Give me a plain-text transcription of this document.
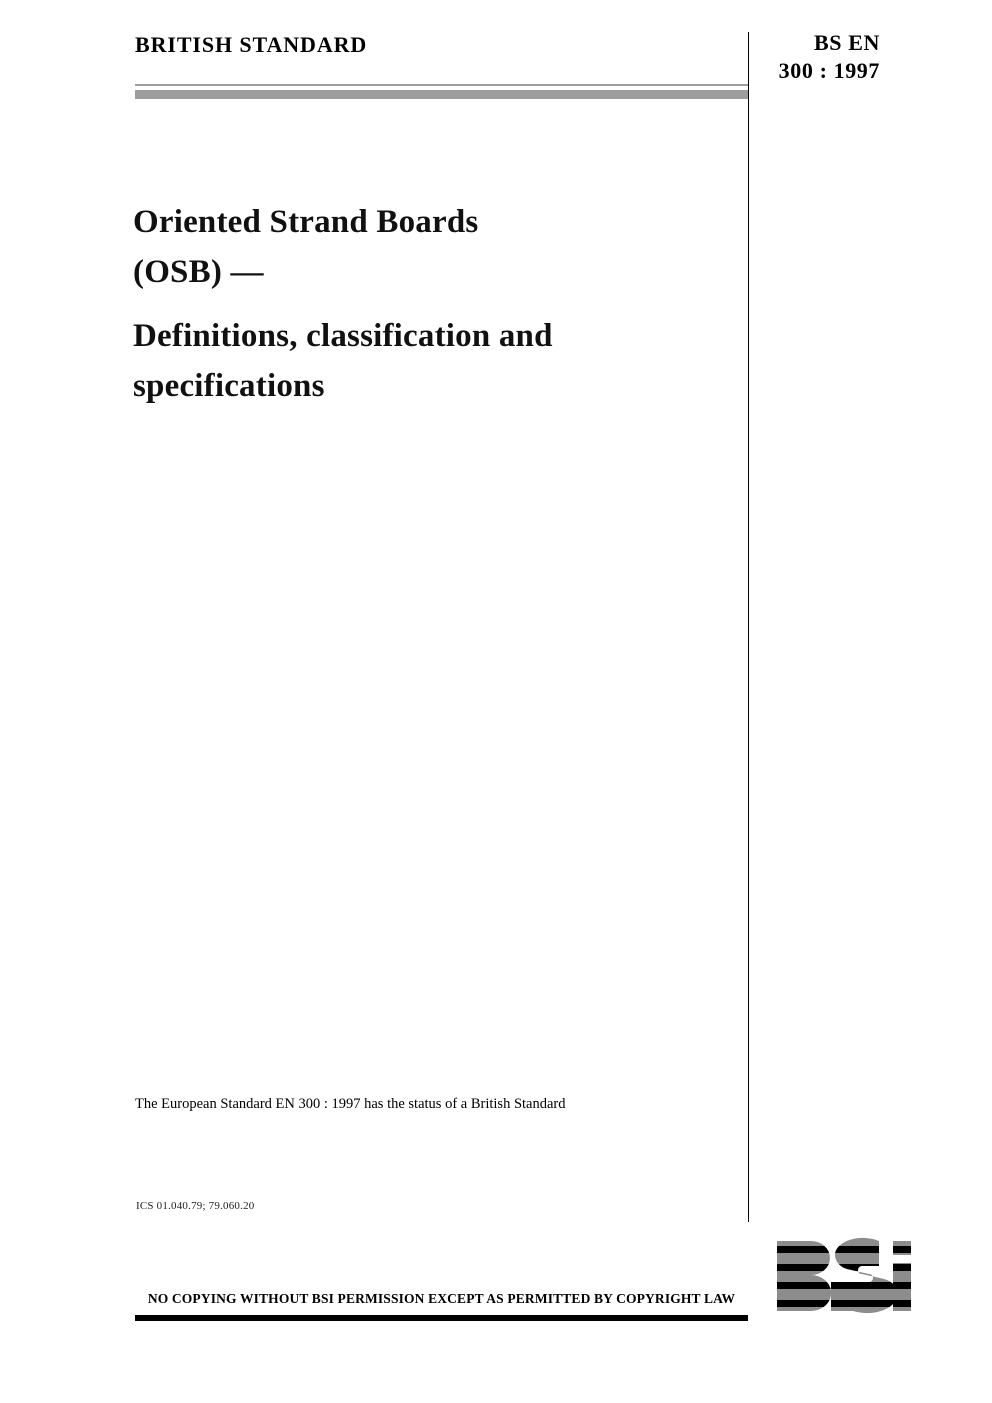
BRITISH STANDARD	BS EN
300 : 1997
Oriented Strand Boards
(OSB) —
Definitions, classification and
specifications
The European Standard EN 300 : 1997 has the status of a British Standard
ICS 01.040.79; 79.060.20
NO COPYING WITHOUT BSI PERMISSION EXCEPT AS PERMITTED BY COPYRIGHT LAW
